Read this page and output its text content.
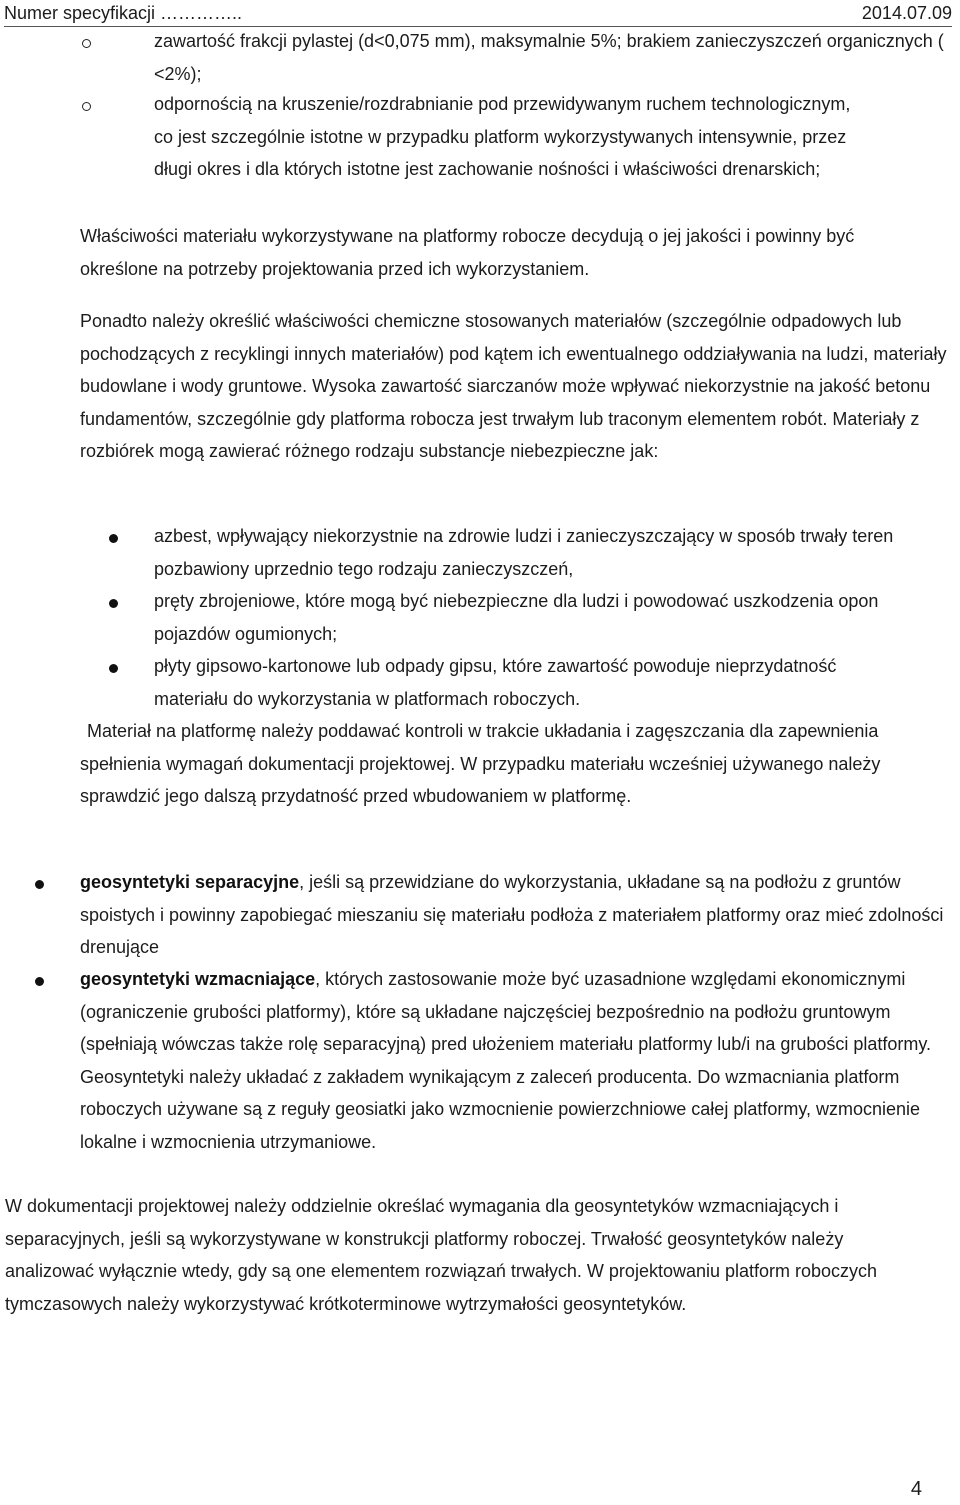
Numer specyfikacji …………..	2014.07.09
zawartość frakcji pylastej (d<0,075 mm), maksymalnie 5%; brakiem zanieczyszczeń organicznych ( <2%);
odpornością na kruszenie/rozdrabnianie pod przewidywanym ruchem technologicznym, co jest szczególnie istotne w przypadku platform wykorzystywanych intensywnie, przez długi okres i dla których istotne jest zachowanie nośności i właściwości drenarskich;

Właściwości materiału wykorzystywane na platformy robocze decydują o jej jakości i powinny być określone na potrzeby projektowania przed ich wykorzystaniem.

Ponadto należy określić właściwości chemiczne stosowanych materiałów (szczególnie odpadowych lub pochodzących z recyklingi innych materiałów) pod kątem ich ewentualnego oddziaływania na ludzi, materiały budowlane i wody gruntowe. Wysoka zawartość siarczanów może wpływać niekorzystnie na jakość betonu fundamentów, szczególnie gdy platforma robocza jest trwałym lub traconym elementem robót. Materiały z rozbiórek mogą zawierać różnego rodzaju substancje niebezpieczne jak:

azbest, wpływający niekorzystnie na zdrowie ludzi i zanieczyszczający w sposób trwały teren pozbawiony uprzednio tego rodzaju zanieczyszczeń,
pręty zbrojeniowe, które mogą być niebezpieczne dla ludzi i powodować uszkodzenia opon pojazdów ogumionych;
płyty gipsowo-kartonowe lub odpady gipsu, które zawartość powoduje nieprzydatność materiału do wykorzystania w platformach roboczych.

Materiał na platformę należy poddawać kontroli w trakcie układania i zagęszczania dla zapewnienia spełnienia wymagań dokumentacji projektowej. W przypadku materiału wcześniej używanego należy sprawdzić jego dalszą przydatność przed wbudowaniem w platformę.

geosyntetyki separacyjne, jeśli są przewidziane do wykorzystania, układane są na podłożu z gruntów spoistych i powinny zapobiegać mieszaniu się materiału podłoża z materiałem platformy oraz mieć zdolności drenujące
geosyntetyki wzmacniające, których zastosowanie może być uzasadnione względami ekonomicznymi (ograniczenie grubości platformy), które są układane najczęściej bezpośrednio na podłożu gruntowym (spełniają wówczas także rolę separacyjną) pred ułożeniem materiału platformy lub/i na grubości platformy. Geosyntetyki należy układać z zakładem wynikającym z zaleceń producenta. Do wzmacniania platform roboczych używane są z reguły geosiatki jako wzmocnienie powierzchniowe całej platformy, wzmocnienie lokalne i wzmocnienia utrzymaniowe.

W dokumentacji projektowej należy oddzielnie określać wymagania dla geosyntetyków wzmacniających i separacyjnych, jeśli są wykorzystywane w konstrukcji platformy roboczej. Trwałość geosyntetyków należy analizować wyłącznie wtedy, gdy są one elementem rozwiązań trwałych. W projektowaniu platform roboczych tymczasowych należy wykorzystywać krótkoterminowe wytrzymałości geosyntetyków.

4
